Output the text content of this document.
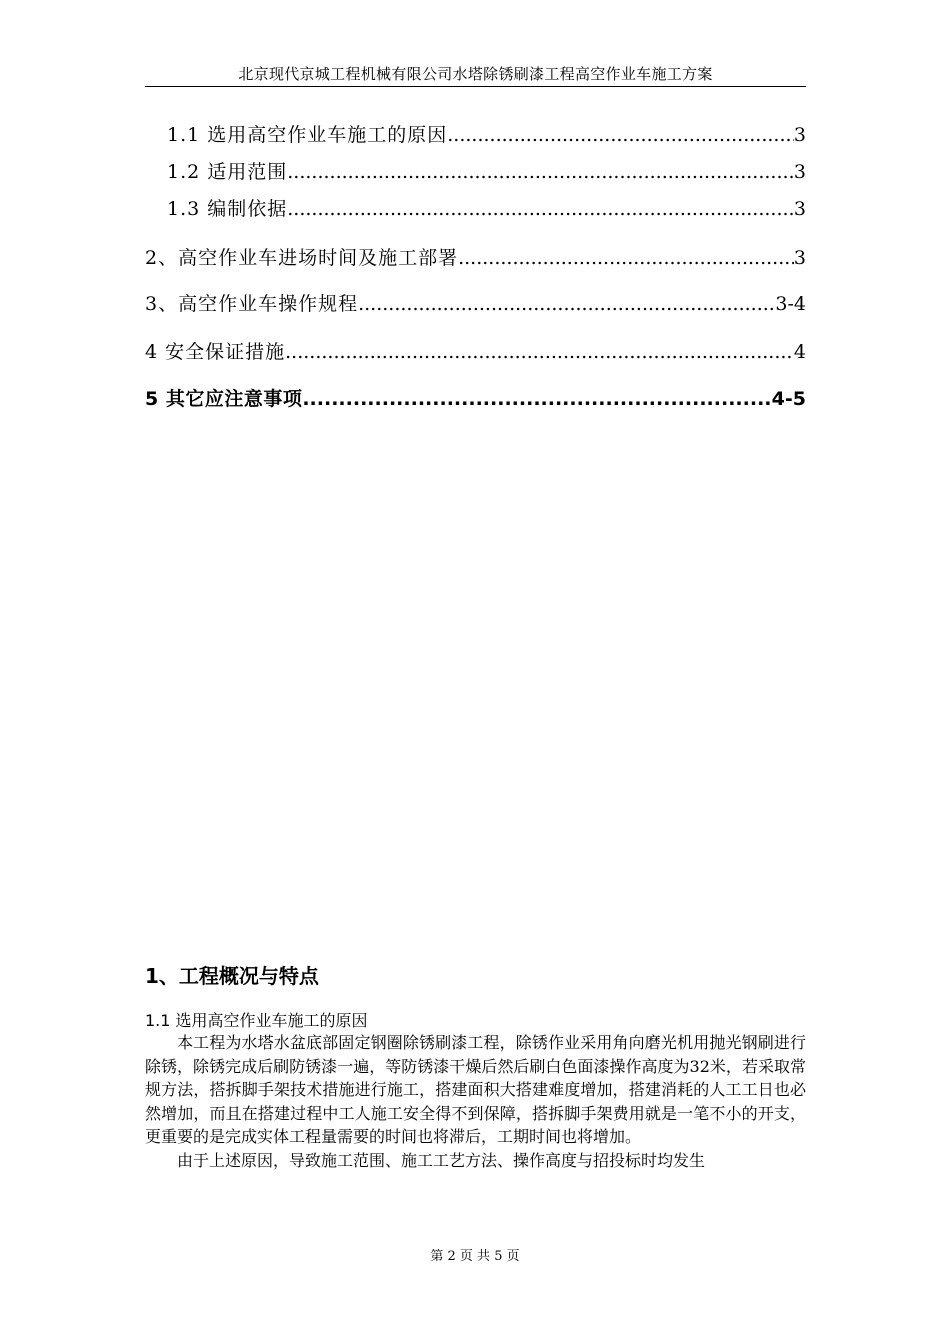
北京现代京城工程机械有限公司水塔除锈刷漆工程高空作业车施工方案
1.1 选用高空作业车施工的原因 .....	3
1.2 适用范围 .....	3
1.3 编制依据 .....	3
2、高空作业车进场时间及施工部署 .....	3
3、高空作业车操作规程 .....	3-4
4 安全保证措施 .....	4
5 其它应注意事项 .....	4-5
1、工程概况与特点
1.1 选用高空作业车施工的原因

本工程为水塔水盆底部固定钢圈除锈刷漆工程，除锈作业采用角向磨光机用抛光钢刷进行除锈，除锈完成后刷防锈漆一遍，等防锈漆干燥后然后刷白色面漆操作高度为32米，若采取常规方法，搭拆脚手架技术措施进行施工，搭建面积大搭建难度增加，搭建消耗的人工工日也必然增加，而且在搭建过程中工人施工安全得不到保障，搭拆脚手架费用就是一笔不小的开支，更重要的是完成实体工程量需要的时间也将滞后，工期时间也将增加。

由于上述原因，导致施工范围、施工工艺方法、操作高度与招投标时均发生

第 2 页 共 5 页
